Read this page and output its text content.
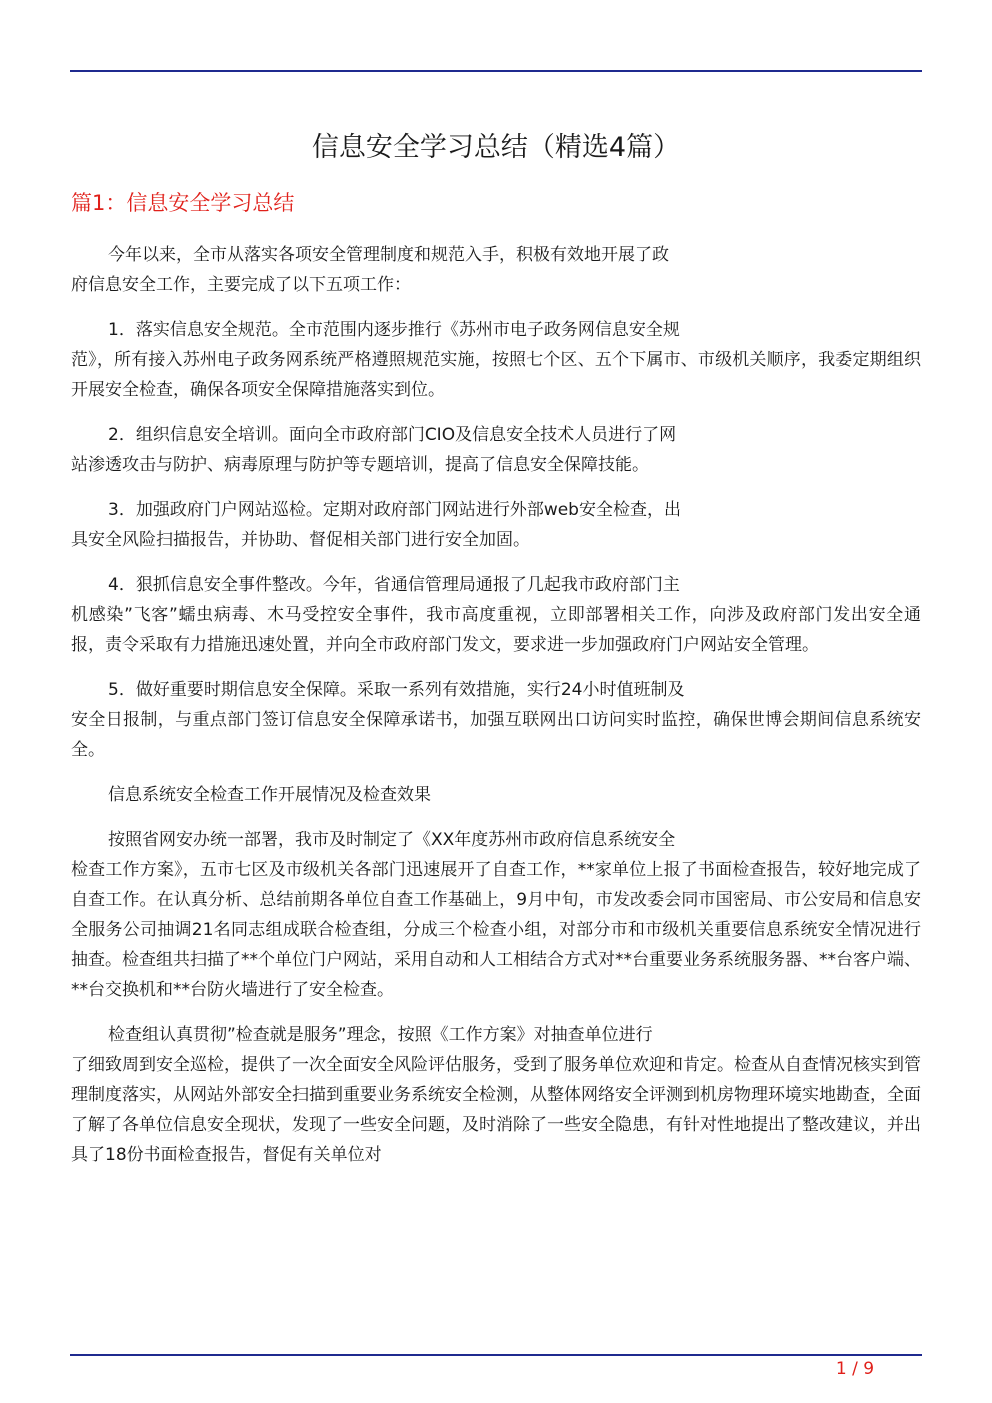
信息安全学习总结（精选4篇）
篇1：信息安全学习总结

今年以来，全市从落实各项安全管理制度和规范入手，积极有效地开展了政
府信息安全工作，主要完成了以下五项工作：

1．落实信息安全规范。全市范围内逐步推行《苏州市电子政务网信息安全规
范》，所有接入苏州电子政务网系统严格遵照规范实施，按照七个区、五个下属市、市级机关顺序，我委定期组织开展安全检查，确保各项安全保障措施落实到位。

2．组织信息安全培训。面向全市政府部门CIO及信息安全技术人员进行了网
站渗透攻击与防护、病毒原理与防护等专题培训，提高了信息安全保障技能。

3．加强政府门户网站巡检。定期对政府部门网站进行外部web安全检查，出
具安全风险扫描报告，并协助、督促相关部门进行安全加固。

4．狠抓信息安全事件整改。今年，省通信管理局通报了几起我市政府部门主
机感染”飞客”蠕虫病毒、木马受控安全事件，我市高度重视，立即部署相关工作，向涉及政府部门发出安全通报，责令采取有力措施迅速处置，并向全市政府部门发文，要求进一步加强政府门户网站安全管理。

5．做好重要时期信息安全保障。采取一系列有效措施，实行24小时值班制及
安全日报制，与重点部门签订信息安全保障承诺书，加强互联网出口访问实时监控，确保世博会期间信息系统安全。

信息系统安全检查工作开展情况及检查效果

按照省网安办统一部署，我市及时制定了《XX年度苏州市政府信息系统安全
检查工作方案》，五市七区及市级机关各部门迅速展开了自查工作，**家单位上报了书面检查报告，较好地完成了自查工作。在认真分析、总结前期各单位自查工作基础上，9月中旬，市发改委会同市国密局、市公安局和信息安全服务公司抽调21名同志组成联合检查组，分成三个检查小组，对部分市和市级机关重要信息系统安全情况进行抽查。检查组共扫描了**个单位门户网站，采用自动和人工相结合方式对**台重要业务系统服务器、**台客户端、**台交换机和**台防火墙进行了安全检查。

检查组认真贯彻”检查就是服务”理念，按照《工作方案》对抽查单位进行
了细致周到安全巡检，提供了一次全面安全风险评估服务，受到了服务单位欢迎和肯定。检查从自查情况核实到管理制度落实，从网站外部安全扫描到重要业务系统安全检测，从整体网络安全评测到机房物理环境实地勘查，全面了解了各单位信息安全现状，发现了一些安全问题，及时消除了一些安全隐患，有针对性地提出了整改建议，并出具了18份书面检查报告，督促有关单位对

1 / 9
